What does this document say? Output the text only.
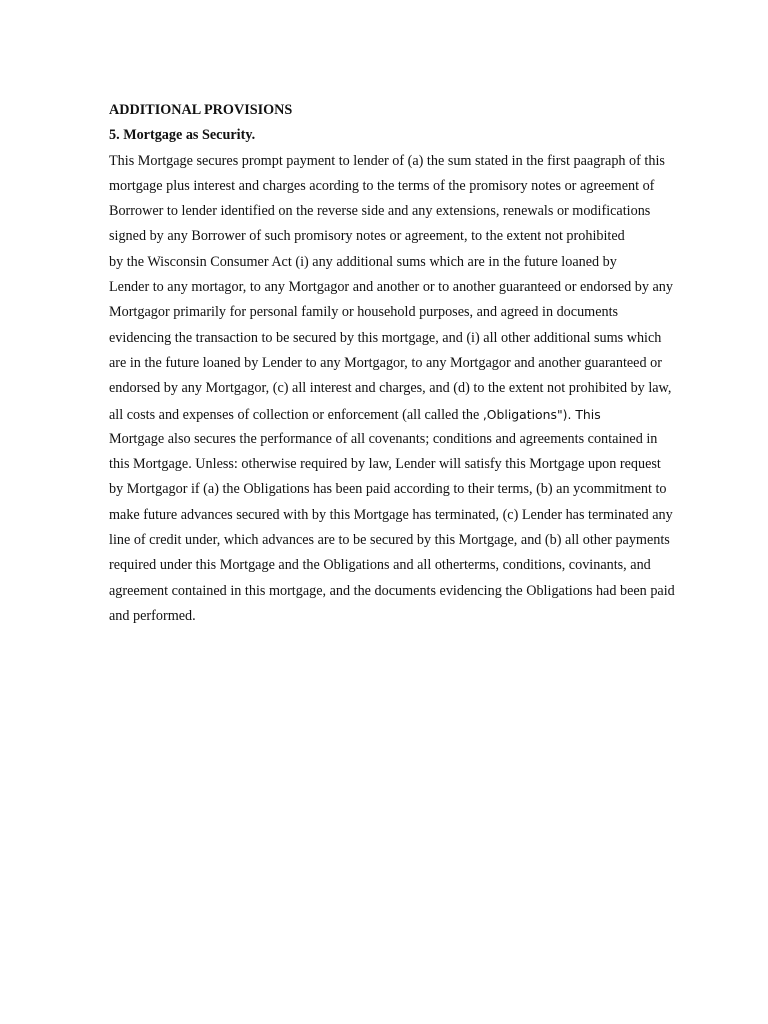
ADDITIONAL PROVISIONS
5. Mortgage as Security.
This Mortgage secures prompt payment to lender of (a) the sum stated in the first paagraph of this
mortgage plus interest and charges acording to the terms of the promisory notes or agreement of
Borrower to lender identified on the reverse side and any extensions, renewals or modifications
signed by any Borrower of such promisory notes or agreement, to the extent not prohibited
by the Wisconsin Consumer Act (i) any additional sums which are in the future loaned by
Lender to any mortagor, to any Mortgagor and another or to another guaranteed or endorsed by any
Mortgagor primarily for personal family or household purposes, and agreed in documents
evidencing the transaction to be secured by this mortgage, and (i) all other additional sums which
are in the future loaned by Lender to any Mortgagor, to any Mortgagor and another guaranteed or
endorsed by any Mortgagor, (c) all interest and charges, and (d) to the extent not prohibited by law,
all costs and expenses of collection or enforcement (all called the ,Obligations"). This
Mortgage also secures the performance of all covenants; conditions and agreements contained in
this Mortgage. Unless: otherwise required by law, Lender will satisfy this Mortgage upon request
by Mortgagor if (a) the Obligations has been paid according to their terms, (b) an ycommitment to
make future advances secured with by this Mortgage has terminated, (c) Lender has terminated any
line of credit under, which advances are to be secured by this Mortgage, and (b) all other payments
required under this Mortgage and the Obligations and all otherterms, conditions, covinants, and
agreement contained in this mortgage, and the documents evidencing the Obligations had been paid
and performed.
